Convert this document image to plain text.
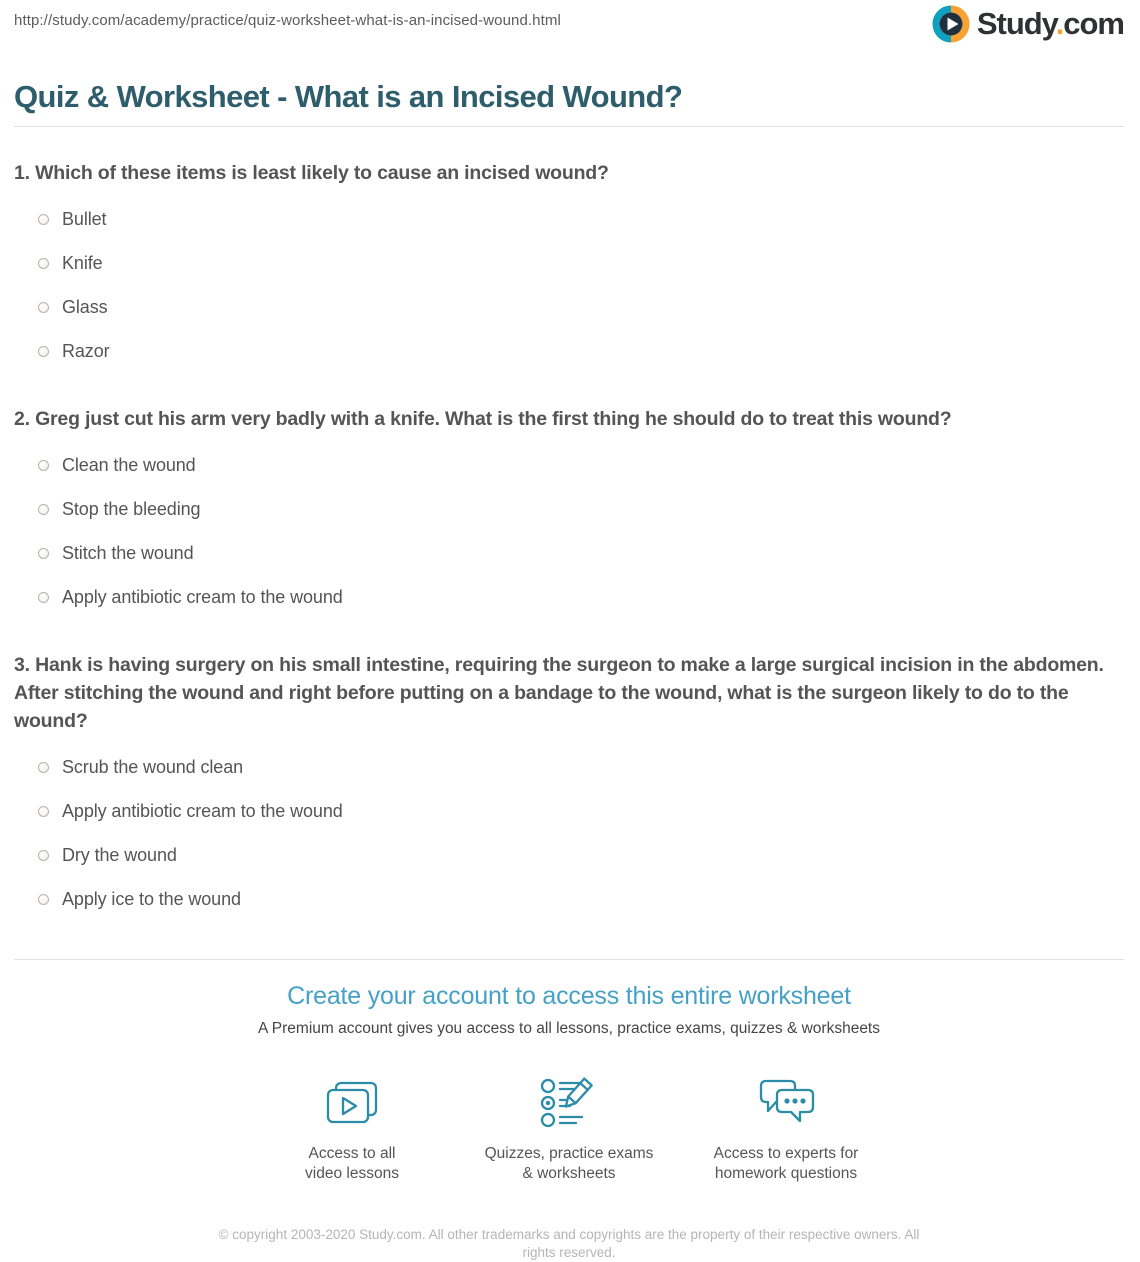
http://study.com/academy/practice/quiz-worksheet-what-is-an-incised-wound.html	Study.com
Quiz & Worksheet - What is an Incised Wound?
1. Which of these items is least likely to cause an incised wound?
Bullet
Knife
Glass
Razor
2. Greg just cut his arm very badly with a knife. What is the first thing he should do to treat this wound?
Clean the wound
Stop the bleeding
Stitch the wound
Apply antibiotic cream to the wound
3. Hank is having surgery on his small intestine, requiring the surgeon to make a large surgical incision in the abdomen. After stitching the wound and right before putting on a bandage to the wound, what is the surgeon likely to do to the wound?
Scrub the wound clean
Apply antibiotic cream to the wound
Dry the wound
Apply ice to the wound
Create your account to access this entire worksheet
A Premium account gives you access to all lessons, practice exams, quizzes & worksheets
Access to all
video lessons
Quizzes, practice exams
& worksheets
Access to experts for
homework questions
© copyright 2003-2020 Study.com. All other trademarks and copyrights are the property of their respective owners. All rights reserved.
